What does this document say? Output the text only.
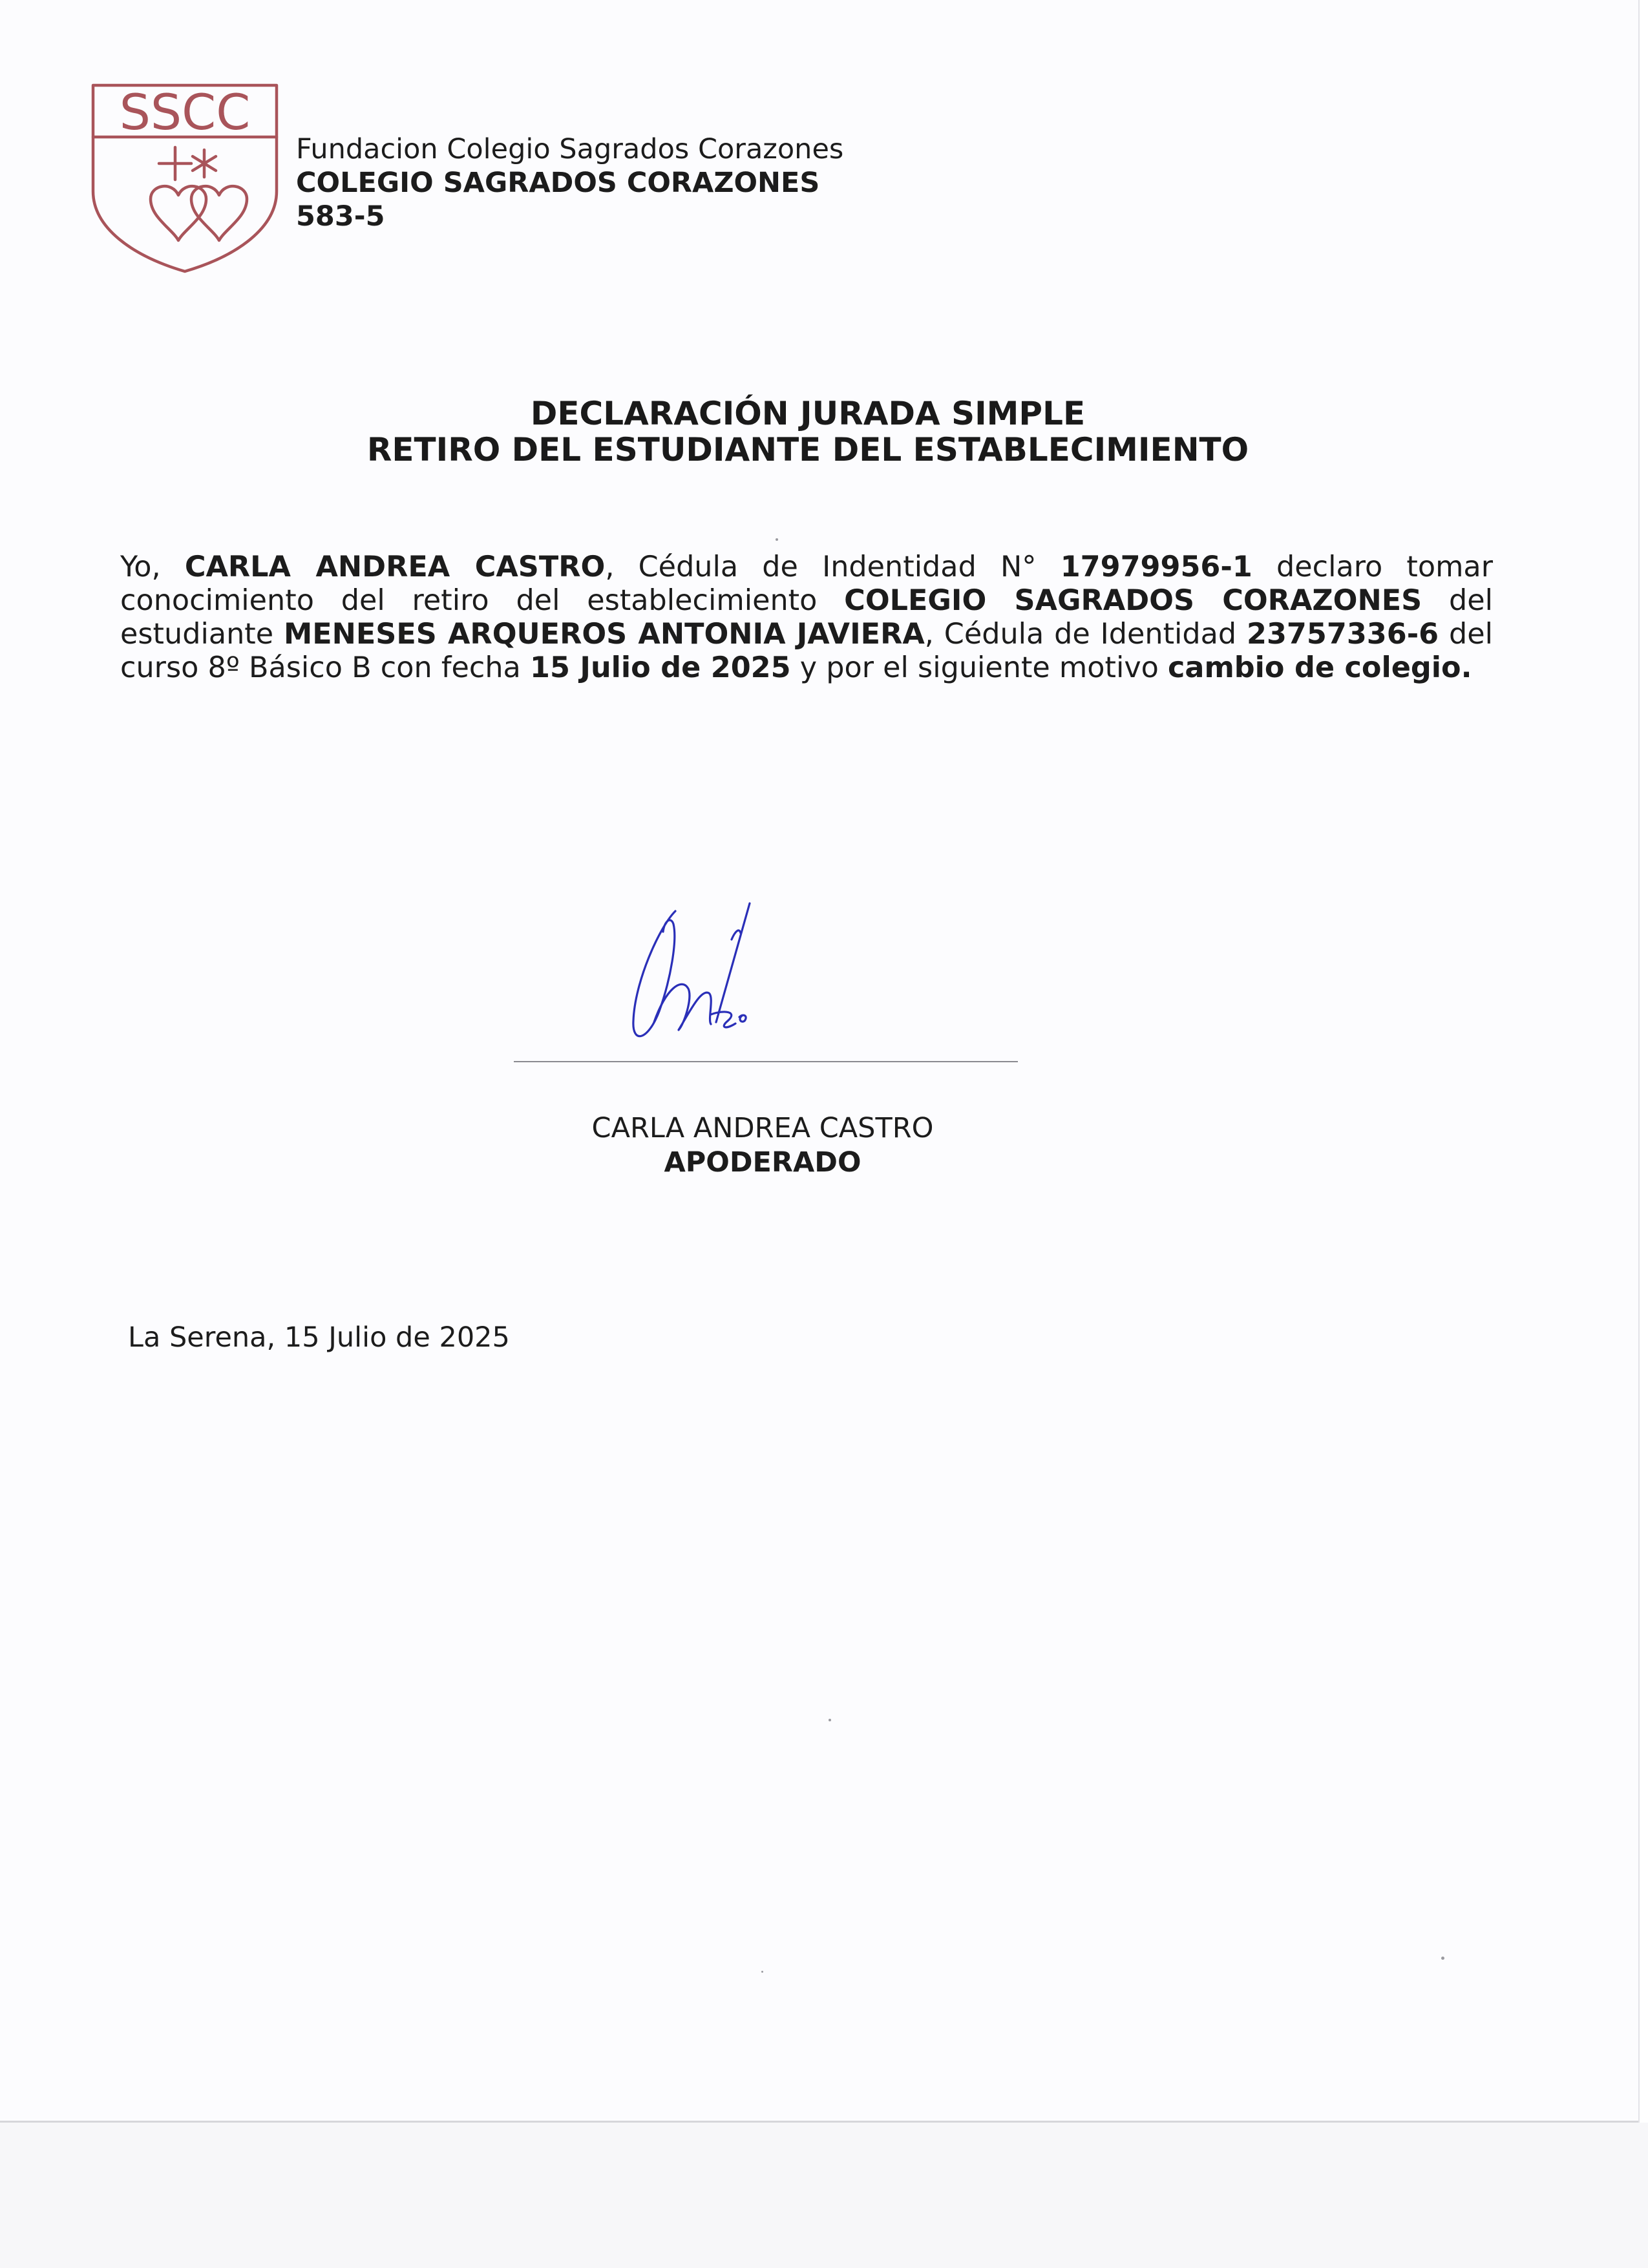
SSCC
Fundacion Colegio Sagrados Corazones
COLEGIO SAGRADOS CORAZONES
583-5
DECLARACIÓN JURADA SIMPLE
RETIRO DEL ESTUDIANTE DEL ESTABLECIMIENTO
Yo, CARLA ANDREA CASTRO, Cédula de Indentidad N° 17979956-1 declaro tomar conocimiento del retiro del establecimiento COLEGIO SAGRADOS CORAZONES del estudiante MENESES ARQUEROS ANTONIA JAVIERA, Cédula de Identidad 23757336-6 del curso 8º Básico B con fecha 15 Julio de 2025 y por el siguiente motivo cambio de colegio.
CARLA ANDREA CASTRO
APODERADO
La Serena, 15 Julio de 2025
